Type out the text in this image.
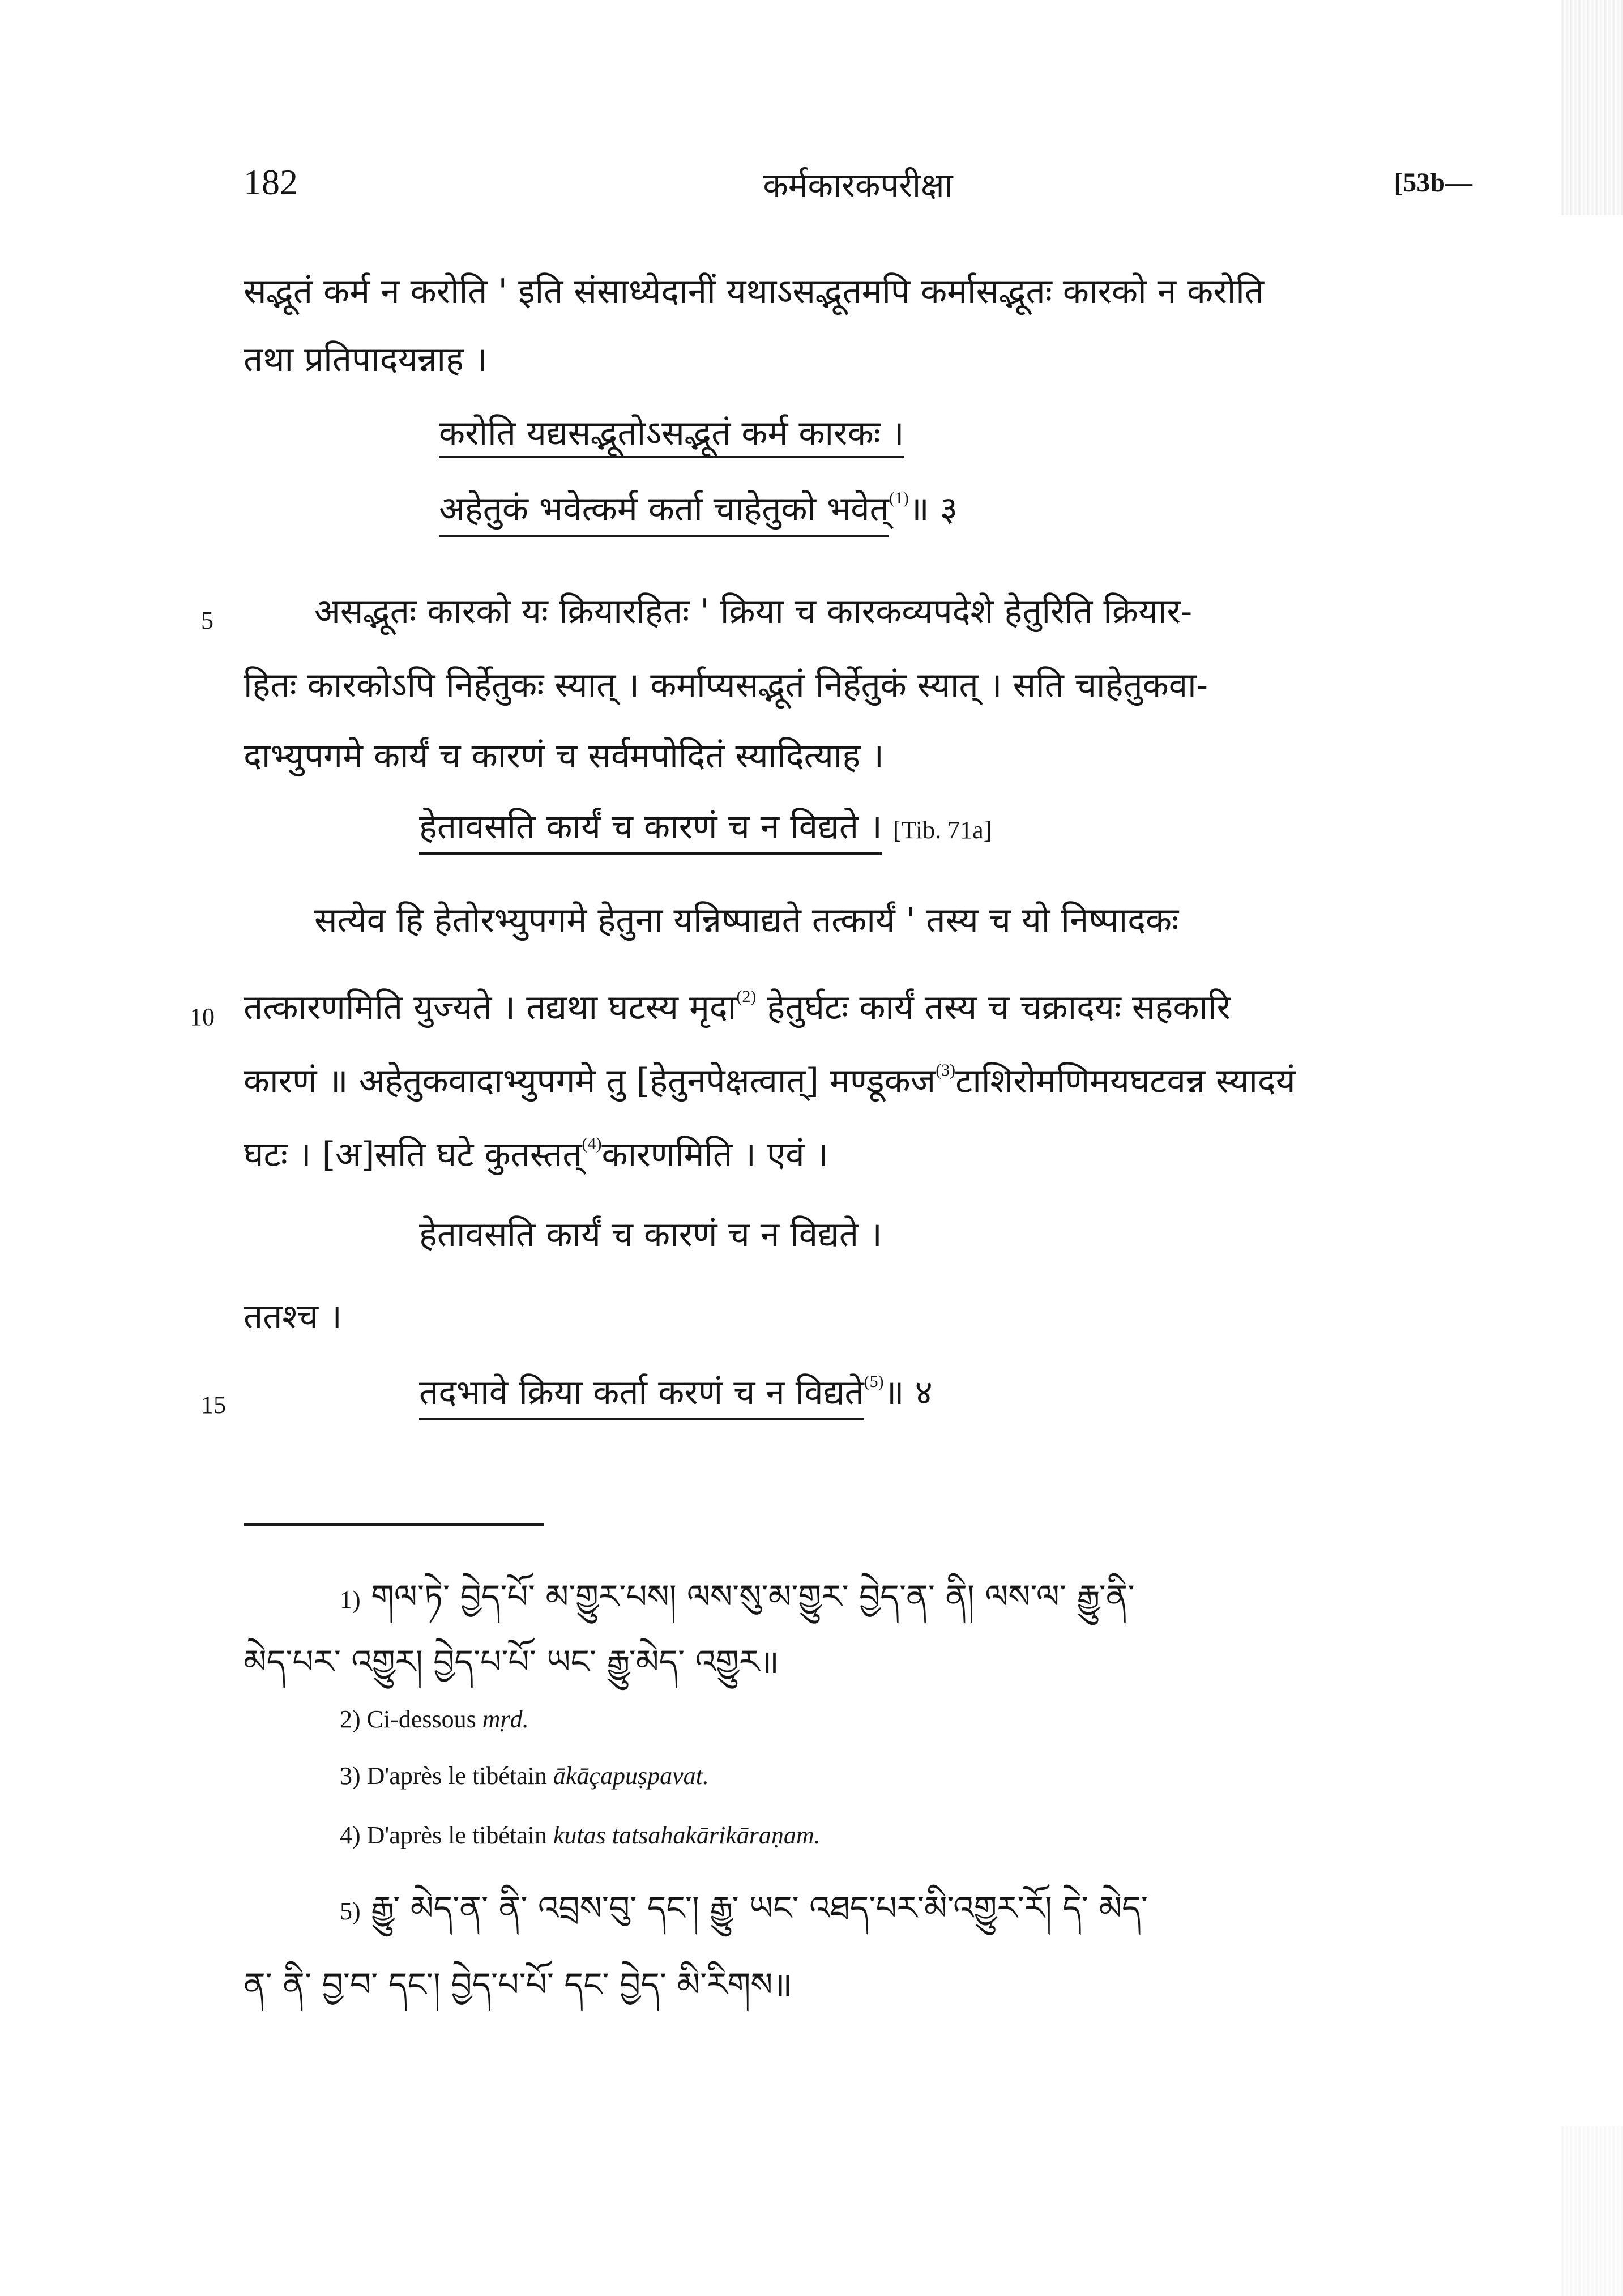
182	कर्मकारकपरीक्षा	[53b—
सद्भूतं कर्म न करोति ' इति संसाध्येदानीं यथाऽसद्भूतमपि कर्मासद्भूतः कारको न करोति
तथा प्रतिपादयन्नाह ।
करोति यद्यसद्भूतोऽसद्भूतं कर्म कारकः ।
अहेतुकं भवेत्कर्म कर्ता चाहेतुको भवेत्$^{(1)}$॥ ३
5	असद्भूतः कारको यः क्रियारहितः ' क्रिया च कारकव्यपदेशे हेतुरिति क्रियार-
हितः कारकोऽपि निर्हेतुकः स्यात् । कर्माप्यसद्भूतं निर्हेतुकं स्यात् । सति चाहेतुकवा-
दाभ्युपगमे कार्यं च कारणं च सर्वमपोदितं स्यादित्याह ।
हेतावसति कार्यं च कारणं च न विद्यते । [Tib. 71a]
सत्येव हि हेतोरभ्युपगमे हेतुना यन्निष्पाद्यते तत्कार्यं ' तस्य च यो निष्पादकः
10 तत्कारणमिति युज्यते । तद्यथा घटस्य मृदा$^{(2)}$ हेतुर्घटः कार्यं तस्य च चक्रादयः सहकारि
कारणं ॥ अहेतुकवादाभ्युपगमे तु [हेतुनपेक्षत्वात्] मण्डूकज$^{(3)}$टाशिरोमणिमयघटवन्न स्यादयं
घटः । [अ]सति घटे कुतस्तत्$^{(4)}$कारणमिति । एवं ।
हेतावसति कार्यं च कारणं च न विद्यते ।
ततश्च ।
15	तदभावे क्रिया कर्ता करणं च न विद्यते$^{(5)}$॥ ४
1) གལ་ཏེ་ བྱེད་པོ་ མ་གྱུར་པས། ལས་སུ་མ་གྱུར་ བྱེད་ན་ ནི། ལས་ལ་ རྒྱུ་ནི་
མེད་པར་ འགྱུར། བྱེད་པ་པོ་ ཡང་ རྒྱུ་མེད་ འགྱུར॥
2) Ci-dessous mṛd.
3) D'après le tibétain ākāçapuṣpavat.
4) D'après le tibétain kutas tatsahakārikāraṇam.
5) རྒྱུ་ མེད་ན་ ནི་ འབྲས་བུ་ དང་། རྒྱུ་ ཡང་ འཐད་པར་མི་འགྱུར་རོ། དེ་ མེད་
ན་ ནི་ བྱ་བ་ དང་། བྱེད་པ་པོ་ དང་ བྱེད་ མི་རིགས॥
